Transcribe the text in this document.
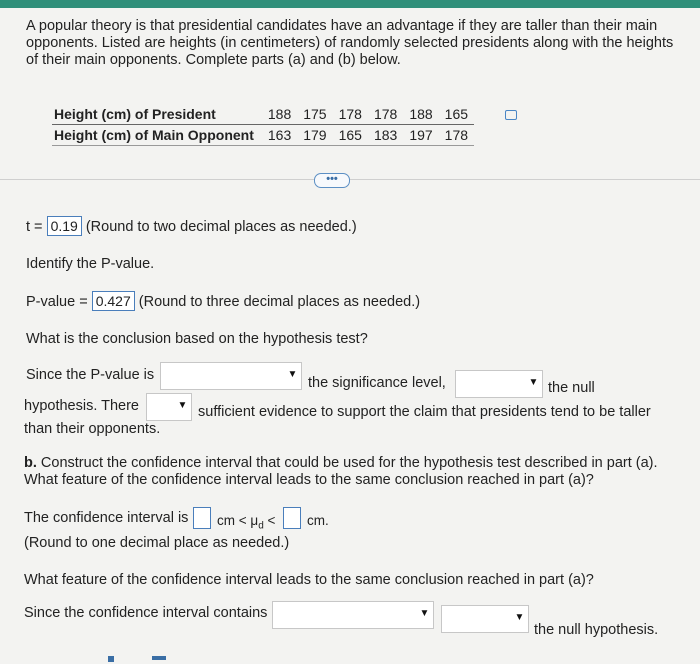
A popular theory is that presidential candidates have an advantage if they are taller than their main opponents. Listed are heights (in centimeters) of randomly selected presidents along with the heights of their main opponents. Complete parts (a) and (b) below.
Height (cm) of President	188	175	178	178	188	165
Height (cm) of Main Opponent	163	179	165	183	197	178
•••
t = 0.19 (Round to two decimal places as needed.)
Identify the P-value.
P-value = 0.427 (Round to three decimal places as needed.)
What is the conclusion based on the hypothesis test?
Since the P-value is	▼
the significance level,	▼ the null
hypothesis. There	▼ sufficient evidence to support the claim that presidents tend to be taller
than their opponents.
b. Construct the confidence interval that could be used for the hypothesis test described in part (a).
What feature of the confidence interval leads to the same conclusion reached in part (a)?
The confidence interval is cm < $\mu_d$ < cm.
(Round to one decimal place as needed.)
What feature of the confidence interval leads to the same conclusion reached in part (a)?
Since the confidence interval contains	▼	▼
the null hypothesis.
